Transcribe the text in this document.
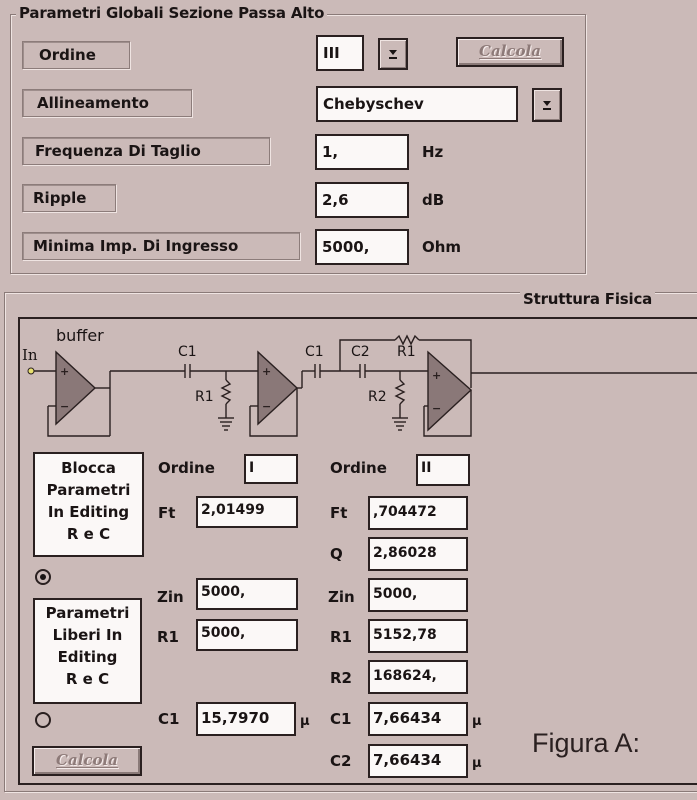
Parametri Globali Sezione Passa Alto
Ordine	III	Calcola
Allineamento	Chebyschev
Frequenza Di Taglio	1,	Hz
Ripple	2,6	dB
Minima Imp. Di Ingresso	5000,	Ohm
Struttura Fisica
+
−
+
−
+
−
In
buffer
C1
R1
C1 C2 R1
R2
Blocca
Parametri
In Editing
R e C
Parametri
Liberi In
Editing
R e C
Calcola
Ordine	I
Ft	2,01499
Zin	5000,
R1	5000,
C1	15,7970	µ
Ordine	II
Ft	,704472
Q	2,86028
Zin	5000,
R1	5152,78
R2	168624,
C1	7,66434	µ
C2	7,66434	µ
Figura A:
